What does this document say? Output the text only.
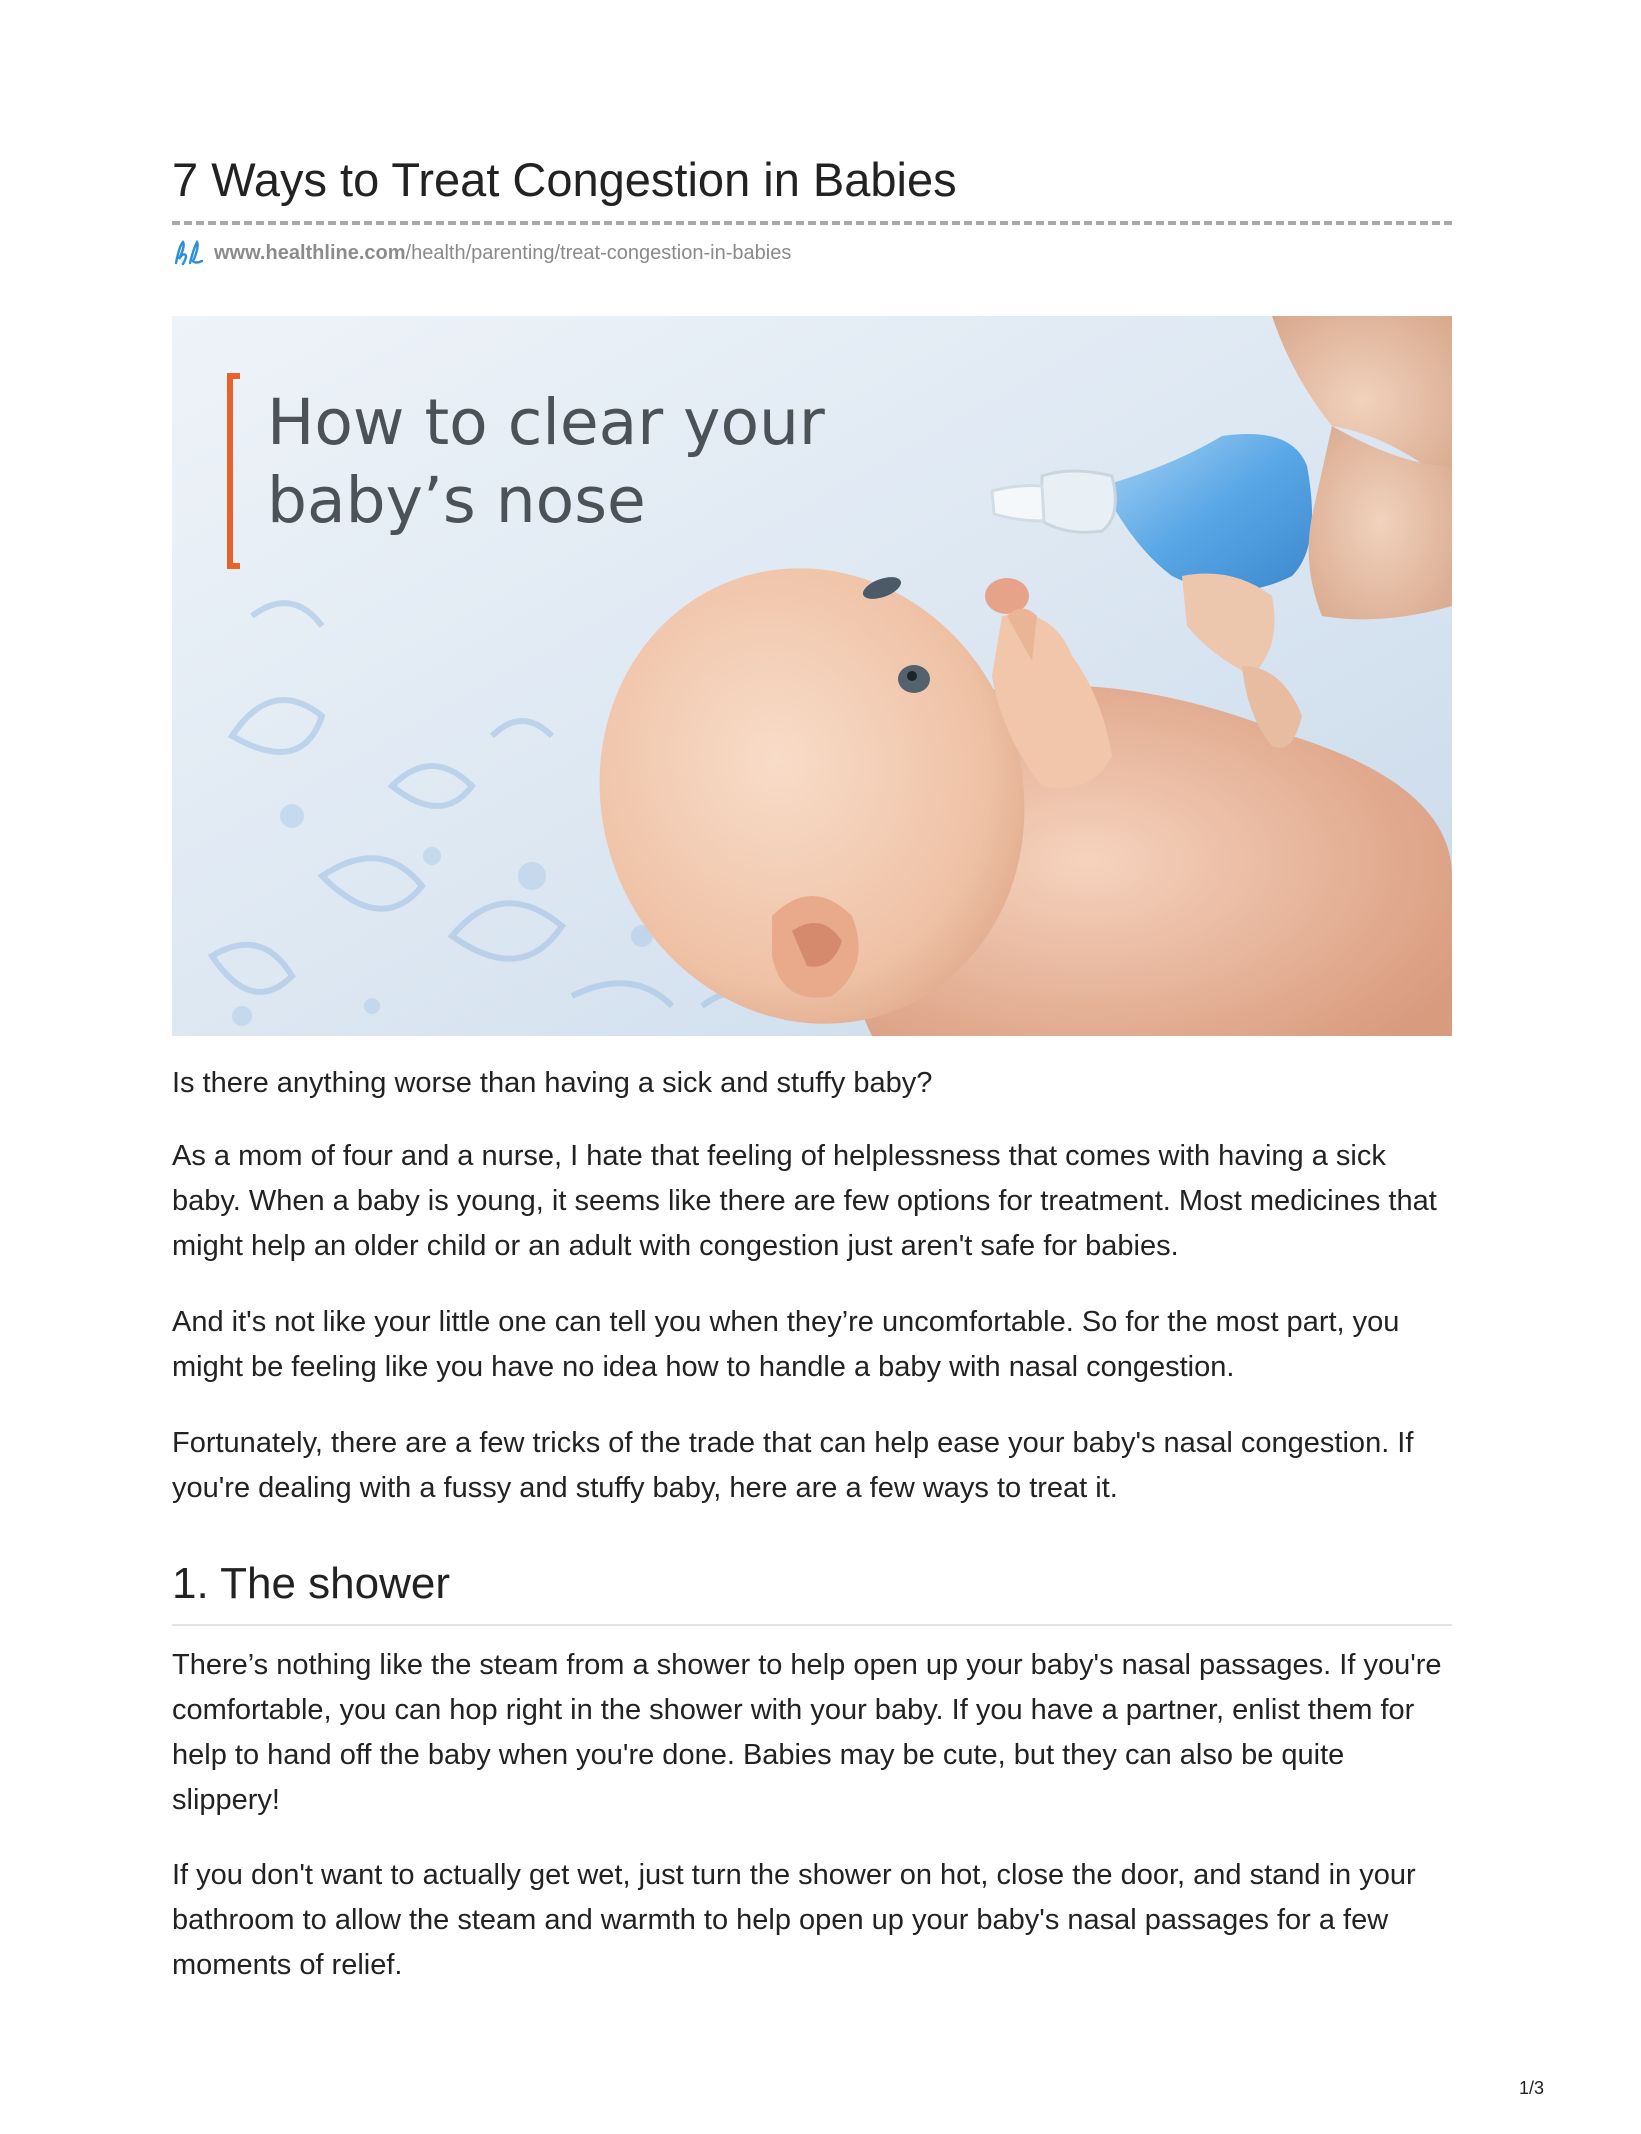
7 Ways to Treat Congestion in Babies
www.healthline.com/health/parenting/treat-congestion-in-babies
How to clear your
baby’s nose

Is there anything worse than having a sick and stuffy baby?

As a mom of four and a nurse, I hate that feeling of helplessness that comes with having a sick baby. When a baby is young, it seems like there are few options for treatment. Most medicines that might help an older child or an adult with congestion just aren't safe for babies.

And it's not like your little one can tell you when they’re uncomfortable. So for the most part, you might be feeling like you have no idea how to handle a baby with nasal congestion.

Fortunately, there are a few tricks of the trade that can help ease your baby's nasal congestion. If you're dealing with a fussy and stuffy baby, here are a few ways to treat it.

1. The shower

There’s nothing like the steam from a shower to help open up your baby's nasal passages. If you're comfortable, you can hop right in the shower with your baby. If you have a partner, enlist them for help to hand off the baby when you're done. Babies may be cute, but they can also be quite slippery!

If you don't want to actually get wet, just turn the shower on hot, close the door, and stand in your bathroom to allow the steam and warmth to help open up your baby's nasal passages for a few moments of relief.

1/3
